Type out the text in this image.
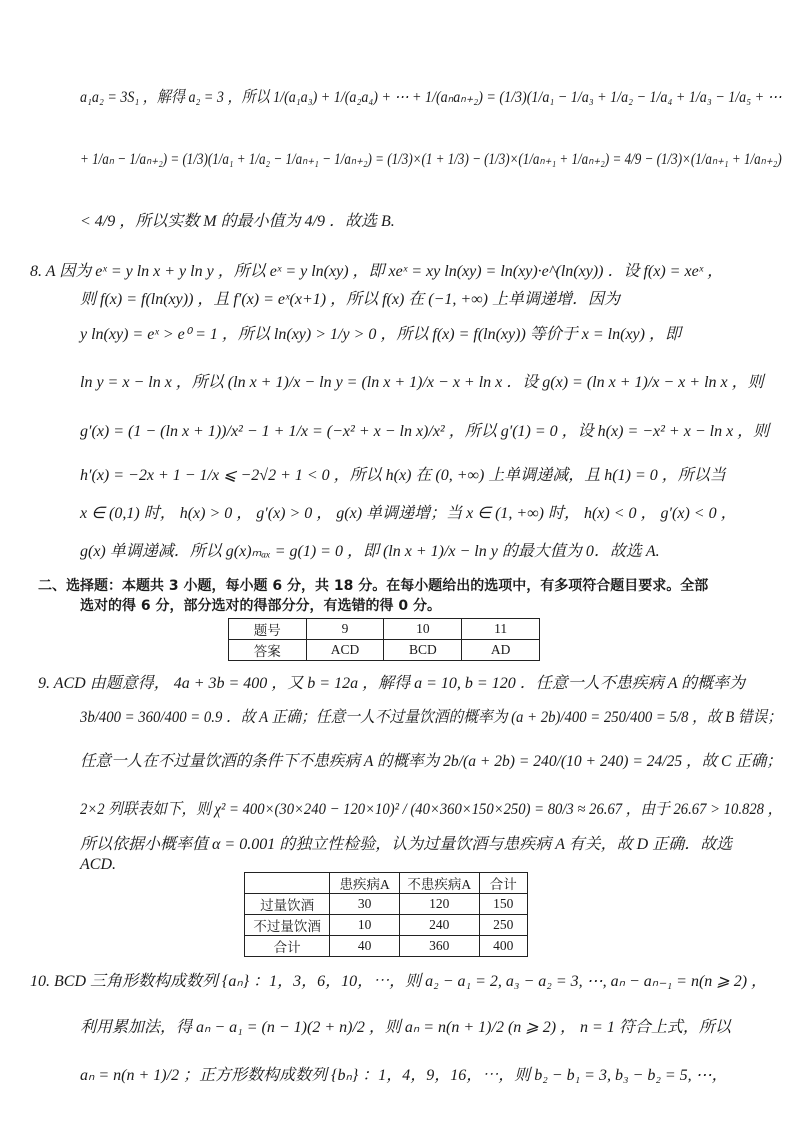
a₁a₂ = 3S₁ ，解得 a₂ = 3 ，所以 1/(a₁a₃) + 1/(a₂a₄) + ⋯ + 1/(aₙaₙ₊₂) = (1/3)(1/a₁ − 1/a₃ + 1/a₂ − 1/a₄ + 1/a₃ − 1/a₅ + ⋯
+ 1/aₙ − 1/aₙ₊₂) = (1/3)(1/a₁ + 1/a₂ − 1/aₙ₊₁ − 1/aₙ₊₂) = (1/3)×(1 + 1/3) − (1/3)×(1/aₙ₊₁ + 1/aₙ₊₂) = 4/9 − (1/3)×(1/aₙ₊₁ + 1/aₙ₊₂)
< 4/9 ，所以实数 M 的最小值为 4/9 ．故选 B.
8. A 因为 eˣ = y ln x + y ln y ，所以 eˣ = y ln(xy) ，即 xeˣ = xy ln(xy) = ln(xy)·e^(ln(xy)) ．设 f(x) = xeˣ ，
则 f(x) = f(ln(xy)) ，且 f′(x) = eˣ(x+1) ，所以 f(x) 在 (−1, +∞) 上单调递增．因为
y ln(xy) = eˣ > e⁰ = 1 ，所以 ln(xy) > 1/y > 0 ，所以 f(x) = f(ln(xy)) 等价于 x = ln(xy) ，即
ln y = x − ln x ，所以 (ln x + 1)/x − ln y = (ln x + 1)/x − x + ln x ．设 g(x) = (ln x + 1)/x − x + ln x ，则
g′(x) = (1 − (ln x + 1))/x² − 1 + 1/x = (−x² + x − ln x)/x² ，所以 g′(1) = 0 ，设 h(x) = −x² + x − ln x ，则
h′(x) = −2x + 1 − 1/x ⩽ −2√2 + 1 < 0 ，所以 h(x) 在 (0, +∞) 上单调递减，且 h(1) = 0 ，所以当
x ∈ (0,1) 时， h(x) > 0 ， g′(x) > 0 ， g(x) 单调递增；当 x ∈ (1, +∞) 时， h(x) < 0 ， g′(x) < 0 ，
g(x) 单调递减．所以 g(x)ₘₐₓ = g(1) = 0 ，即 (ln x + 1)/x − ln y 的最大值为 0．故选 A.
二、选择题：本题共 3 小题，每小题 6 分，共 18 分。在每小题给出的选项中，有多项符合题目要求。全部
选对的得 6 分，部分选对的得部分分，有选错的得 0 分。
题号	9	10	11
答案	ACD	BCD	AD
9. ACD 由题意得， 4a + 3b = 400 ，又 b = 12a ，解得 a = 10, b = 120 ．任意一人不患疾病 A 的概率为
3b/400 = 360/400 = 0.9 ．故 A 正确；任意一人不过量饮酒的概率为 (a + 2b)/400 = 250/400 = 5/8 ，故 B 错误；
任意一人在不过量饮酒的条件下不患疾病 A 的概率为 2b/(a + 2b) = 240/(10 + 240) = 24/25 ，故 C 正确；
2×2 列联表如下，则 χ² = 400×(30×240 − 120×10)² / (40×360×150×250) = 80/3 ≈ 26.67 ，由于 26.67 > 10.828 ，
所以依据小概率值 α = 0.001 的独立性检验，认为过量饮酒与患疾病 A 有关，故 D 正确．故选
ACD.
	患疾病A	不患疾病A	合计
过量饮酒	30	120	150
不过量饮酒	10	240	250
合计	40	360	400
10. BCD 三角形数构成数列 {aₙ} ：1，3，6，10，⋯，则 a₂ − a₁ = 2, a₃ − a₂ = 3, ⋯, aₙ − aₙ₋₁ = n(n ⩾ 2) ，
利用累加法，得 aₙ − a₁ = (n − 1)(2 + n)/2 ，则 aₙ = n(n + 1)/2 (n ⩾ 2) ， n = 1 符合上式，所以
aₙ = n(n + 1)/2 ；正方形数构成数列 {bₙ} ：1，4，9，16，⋯，则 b₂ − b₁ = 3, b₃ − b₂ = 5, ⋯，
